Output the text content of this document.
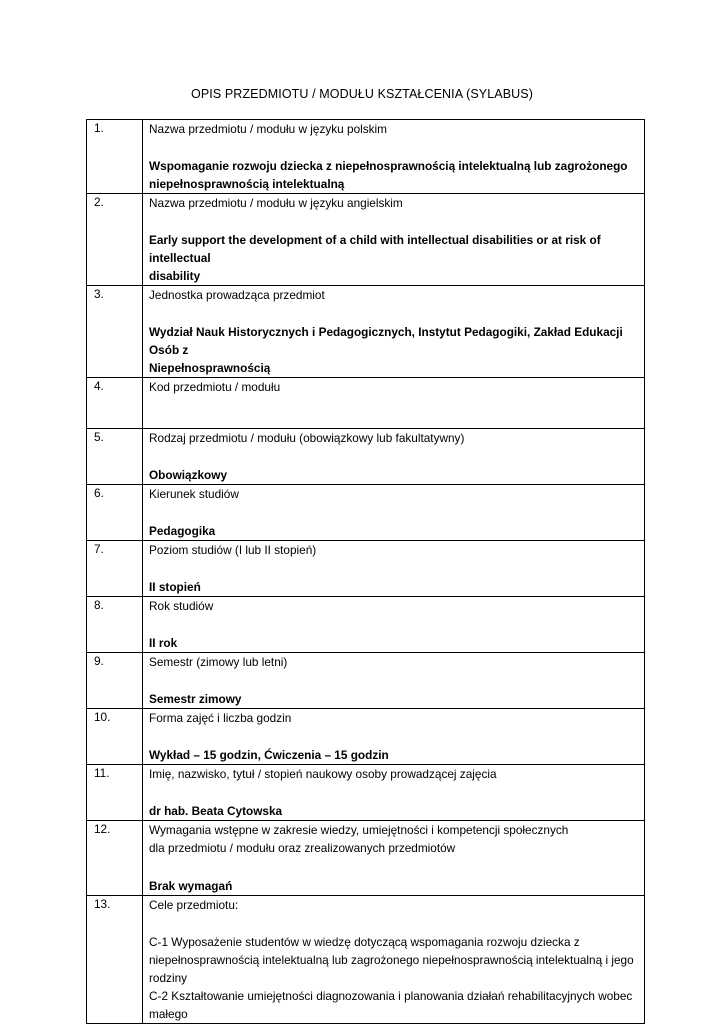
OPIS PRZEDMIOTU / MODUŁU KSZTAŁCENIA (SYLABUS)
1.	Nazwa przedmiotu / modułu w języku polskim
Wspomaganie rozwoju dziecka z niepełnosprawnością intelektualną lub zagrożonego
niepełnosprawnością intelektualną

2.	Nazwa przedmiotu / modułu w języku angielskim
Early support the development of a child with intellectual disabilities or at risk of intellectual
disability

3.	Jednostka prowadząca przedmiot
Wydział Nauk Historycznych i Pedagogicznych, Instytut Pedagogiki, Zakład Edukacji Osób z
Niepełnosprawnością

4.	Kod przedmiotu / modułu

5.	Rodzaj przedmiotu / modułu (obowiązkowy lub fakultatywny)
Obowiązkowy

6.	Kierunek studiów
Pedagogika

7.	Poziom studiów (I lub II stopień)
II stopień

8.	Rok studiów
II rok

9.	Semestr (zimowy lub letni)
Semestr zimowy

10.	Forma zajęć i liczba godzin
Wykład – 15 godzin, Ćwiczenia – 15 godzin

11.	Imię, nazwisko, tytuł / stopień naukowy osoby prowadzącej zajęcia
dr hab. Beata Cytowska

12.	Wymagania wstępne w zakresie wiedzy, umiejętności i kompetencji społecznych
dla przedmiotu / modułu oraz zrealizowanych przedmiotów
Brak wymagań

13.	Cele przedmiotu:
C-1 Wyposażenie studentów w wiedzę dotyczącą wspomagania rozwoju dziecka z
niepełnosprawnością intelektualną lub zagrożonego niepełnosprawnością intelektualną i jego rodziny
C-2 Kształtowanie umiejętności diagnozowania i planowania działań rehabilitacyjnych wobec małego
